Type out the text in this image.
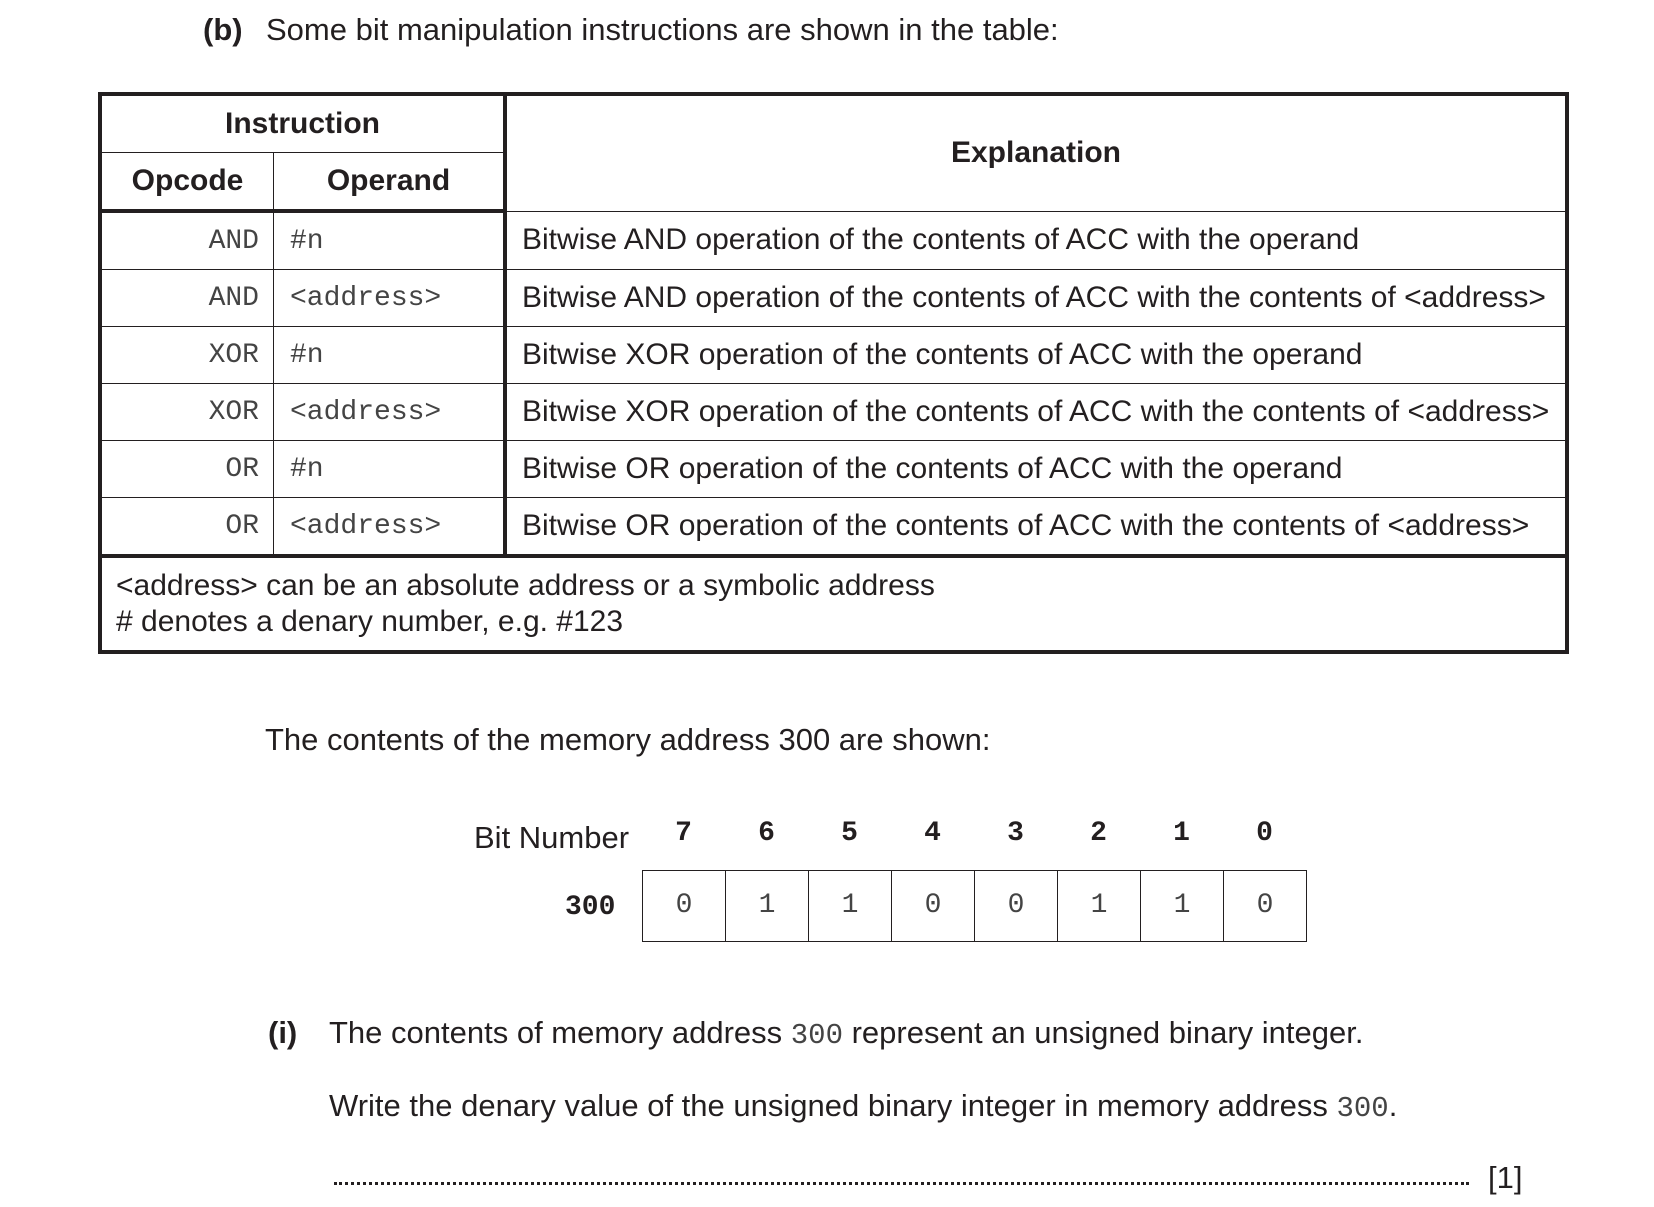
(b) Some bit manipulation instructions are shown in the table:
Instruction		Explanation
Opcode	Operand	
AND	#n	Bitwise AND operation of the contents of ACC with the operand
AND	<address>	Bitwise AND operation of the contents of ACC with the contents of <address>
XOR	#n	Bitwise XOR operation of the contents of ACC with the operand
XOR	<address>	Bitwise XOR operation of the contents of ACC with the contents of <address>
OR	#n	Bitwise OR operation of the contents of ACC with the operand
OR	<address>	Bitwise OR operation of the contents of ACC with the contents of <address>

<address> can be an absolute address or a symbolic address
# denotes a denary number, e.g. #123		
The contents of the memory address 300 are shown:
Bit Number	7	6	5	4	3	2	1	0
300	0	1	1	0	0	1	1	0
(i) The contents of memory address 300 represent an unsigned binary integer.
Write the denary value of the unsigned binary integer in memory address 300.
[1]
